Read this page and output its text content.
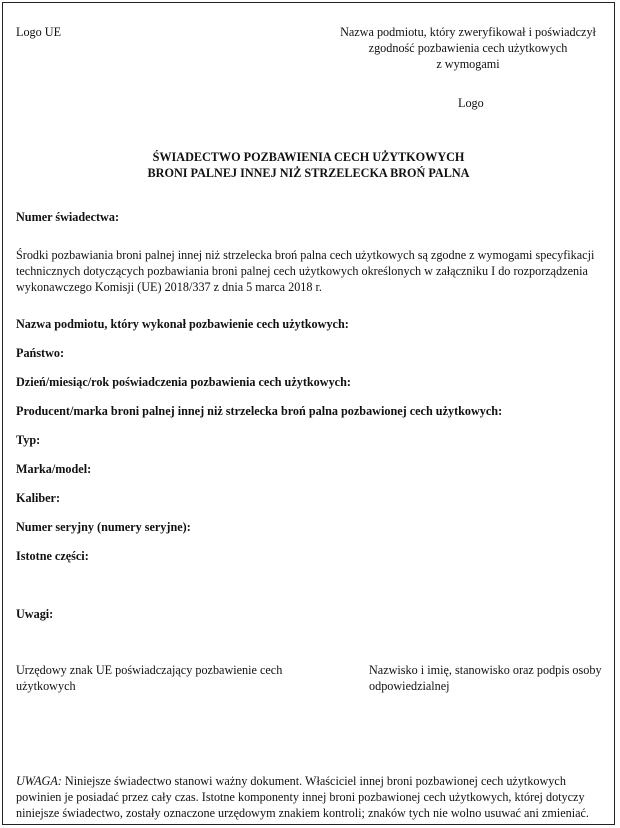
Logo UE	Nazwa podmiotu, który zweryfikował i poświadczył
zgodność pozbawienia cech użytkowych
z wymogami
Logo
ŚWIADECTWO POZBAWIENIA CECH UŻYTKOWYCH
BRONI PALNEJ INNEJ NIŻ STRZELECKA BROŃ PALNA
Numer świadectwa:
Środki pozbawiania broni palnej innej niż strzelecka broń palna cech użytkowych są zgodne z wymogami specyfikacji
technicznych dotyczących pozbawiania broni palnej cech użytkowych określonych w załączniku I do rozporządzenia
wykonawczego Komisji (UE) 2018/337 z dnia 5 marca 2018 r.
Nazwa podmiotu, który wykonał pozbawienie cech użytkowych:
Państwo:
Dzień/miesiąc/rok poświadczenia pozbawienia cech użytkowych:
Producent/marka broni palnej innej niż strzelecka broń palna pozbawionej cech użytkowych:
Typ:
Marka/model:
Kaliber:
Numer seryjny (numery seryjne):
Istotne części:
Uwagi:
Urzędowy znak UE poświadczający pozbawienie cech
użytkowych
Nazwisko i imię, stanowisko oraz podpis osoby
odpowiedzialnej
UWAGA: Niniejsze świadectwo stanowi ważny dokument. Właściciel innej broni pozbawionej cech użytkowych
powinien je posiadać przez cały czas. Istotne komponenty innej broni pozbawionej cech użytkowych, której dotyczy
niniejsze świadectwo, zostały oznaczone urzędowym znakiem kontroli; znaków tych nie wolno usuwać ani zmieniać.
